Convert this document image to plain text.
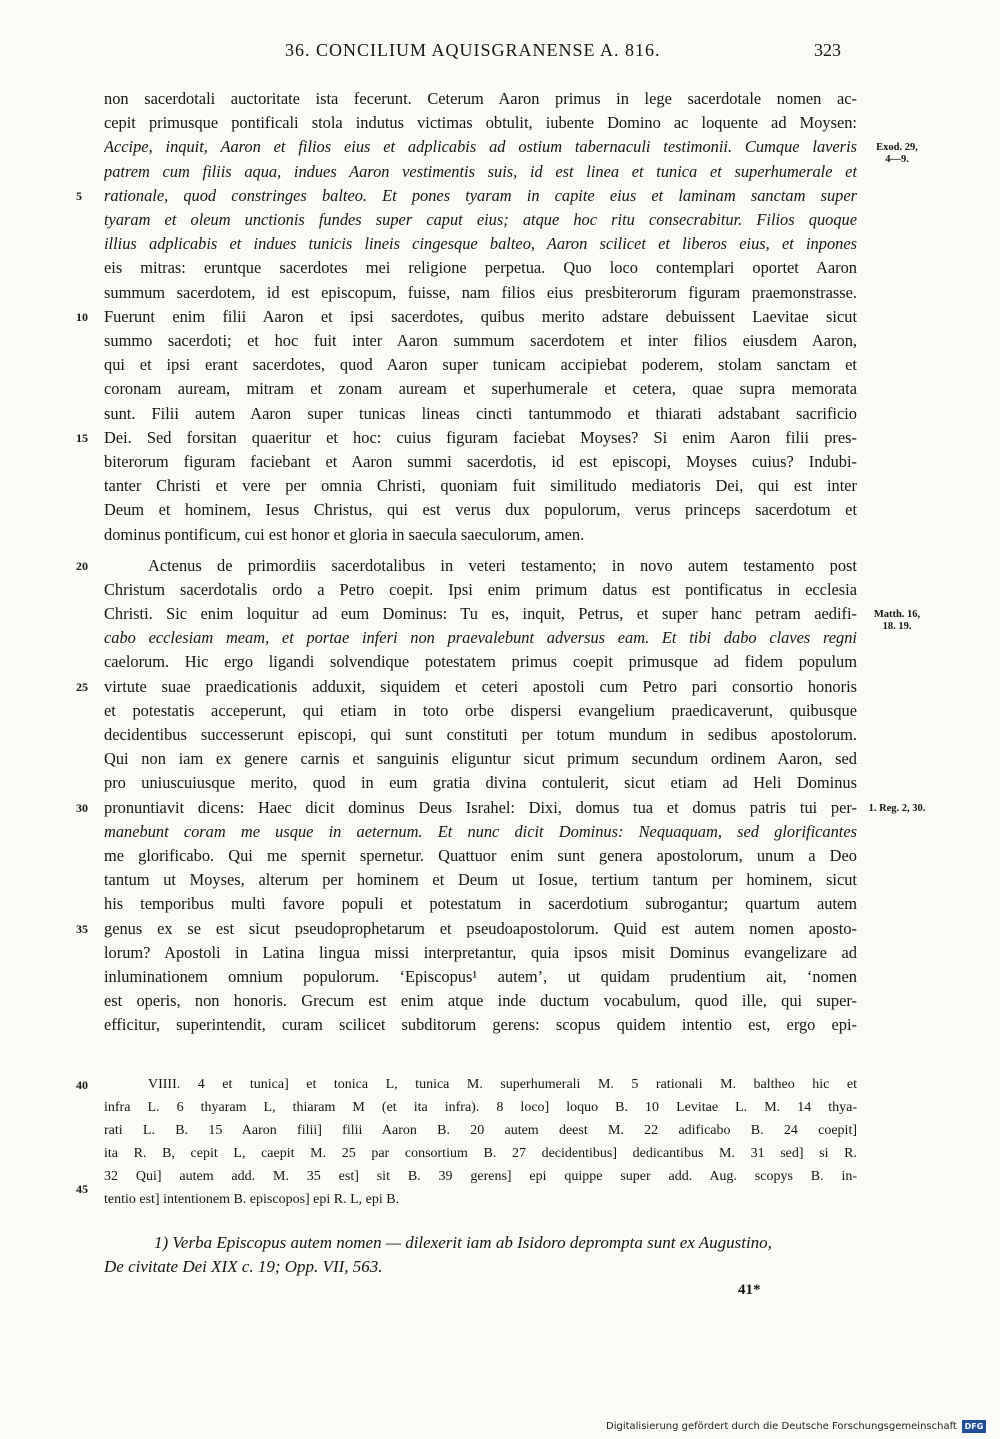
36. CONCILIUM AQUISGRANENSE A. 816.	323
non sacerdotali auctoritate ista fecerunt. Ceterum Aaron primus in lege sacerdotale nomen ac-
cepit primusque pontificali stola indutus victimas obtulit, iubente Domino ac loquente ad Moysen:
Accipe, inquit, Aaron et filios eius et adplicabis ad ostium tabernaculi testimonii. Cumque laveris
patrem cum filiis aqua, indues Aaron vestimentis suis, id est linea et tunica et superhumerale et
rationale, quod constringes balteo. Et pones tyaram in capite eius et laminam sanctam super
tyaram et oleum unctionis fundes super caput eius; atque hoc ritu consecrabitur. Filios quoque
illius adplicabis et indues tunicis lineis cingesque balteo, Aaron scilicet et liberos eius, et inpones
eis mitras: eruntque sacerdotes mei religione perpetua. Quo loco contemplari oportet Aaron
summum sacerdotem, id est episcopum, fuisse, nam filios eius presbiterorum figuram praemonstrasse.
Fuerunt enim filii Aaron et ipsi sacerdotes, quibus merito adstare debuissent Laevitae sicut
summo sacerdoti; et hoc fuit inter Aaron summum sacerdotem et inter filios eiusdem Aaron,
qui et ipsi erant sacerdotes, quod Aaron super tunicam accipiebat poderem, stolam sanctam et
coronam auream, mitram et zonam auream et superhumerale et cetera, quae supra memorata
sunt. Filii autem Aaron super tunicas lineas cincti tantummodo et thiarati adstabant sacrificio
Dei. Sed forsitan quaeritur et hoc: cuius figuram faciebat Moyses? Si enim Aaron filii pres-
biterorum figuram faciebant et Aaron summi sacerdotis, id est episcopi, Moyses cuius? Indubi-
tanter Christi et vere per omnia Christi, quoniam fuit similitudo mediatoris Dei, qui est inter
Deum et hominem, Iesus Christus, qui est verus dux populorum, verus princeps sacerdotum et
dominus pontificum, cui est honor et gloria in saecula saeculorum, amen.
Actenus de primordiis sacerdotalibus in veteri testamento; in novo autem testamento post
Christum sacerdotalis ordo a Petro coepit. Ipsi enim primum datus est pontificatus in ecclesia
Christi. Sic enim loquitur ad eum Dominus: Tu es, inquit, Petrus, et super hanc petram aedifi-
cabo ecclesiam meam, et portae inferi non praevalebunt adversus eam. Et tibi dabo claves regni
caelorum. Hic ergo ligandi solvendique potestatem primus coepit primusque ad fidem populum
virtute suae praedicationis adduxit, siquidem et ceteri apostoli cum Petro pari consortio honoris
et potestatis acceperunt, qui etiam in toto orbe dispersi evangelium praedicaverunt, quibusque
decidentibus successerunt episcopi, qui sunt constituti per totum mundum in sedibus apostolorum.
Qui non iam ex genere carnis et sanguinis eliguntur sicut primum secundum ordinem Aaron, sed
pro uniuscuiusque merito, quod in eum gratia divina contulerit, sicut etiam ad Heli Dominus
pronuntiavit dicens: Haec dicit dominus Deus Israhel: Dixi, domus tua et domus patris tui per-
manebunt coram me usque in aeternum. Et nunc dicit Dominus: Nequaquam, sed glorificantes
me glorificabo. Qui me spernit spernetur. Quattuor enim sunt genera apostolorum, unum a Deo
tantum ut Moyses, alterum per hominem et Deum ut Iosue, tertium tantum per hominem, sicut
his temporibus multi favore populi et potestatum in sacerdotium subrogantur; quartum autem
genus ex se est sicut pseudoprophetarum et pseudoapostolorum. Quid est autem nomen aposto-
lorum? Apostoli in Latina lingua missi interpretantur, quia ipsos misit Dominus evangelizare ad
inluminationem omnium populorum. ‘Episcopus¹ autem’, ut quidam prudentium ait, ‘nomen
est operis, non honoris. Grecum est enim atque inde ductum vocabulum, quod ille, qui super-
efficitur, superintendit, curam scilicet subditorum gerens: scopus quidem intentio est, ergo epi-
5
10
15
20
25
30
35
40
45
Exod. 29,
4—9.
Matth. 16,
18. 19.
1. Reg. 2, 30.
VIIII. 4 et tunica] et tonica L, tunica M. superhumerali M. 5 rationali M. baltheo hic et
infra L. 6 thyaram L, thiaram M (et ita infra). 8 loco] loquo B. 10 Levitae L. M. 14 thya-
rati L. B. 15 Aaron filii] filii Aaron B. 20 autem deest M. 22 adificabo B. 24 coepit]
ita R. B, cepit L, caepit M. 25 par consortium B. 27 decidentibus] dedicantibus M. 31 sed] si R.
32 Qui] autem add. M. 35 est] sit B. 39 gerens] epi quippe super add. Aug. scopys B. in-
tentio est] intentionem B. episcopos] epi R. L, epi B.
1) Verba Episcopus autem nomen — dilexerit iam ab Isidoro deprompta sunt ex Augustino,
De civitate Dei XIX c. 19; Opp. VII, 563.
41*
Digitalisierung gefördert durch die Deutsche Forschungsgemeinschaft DFG
